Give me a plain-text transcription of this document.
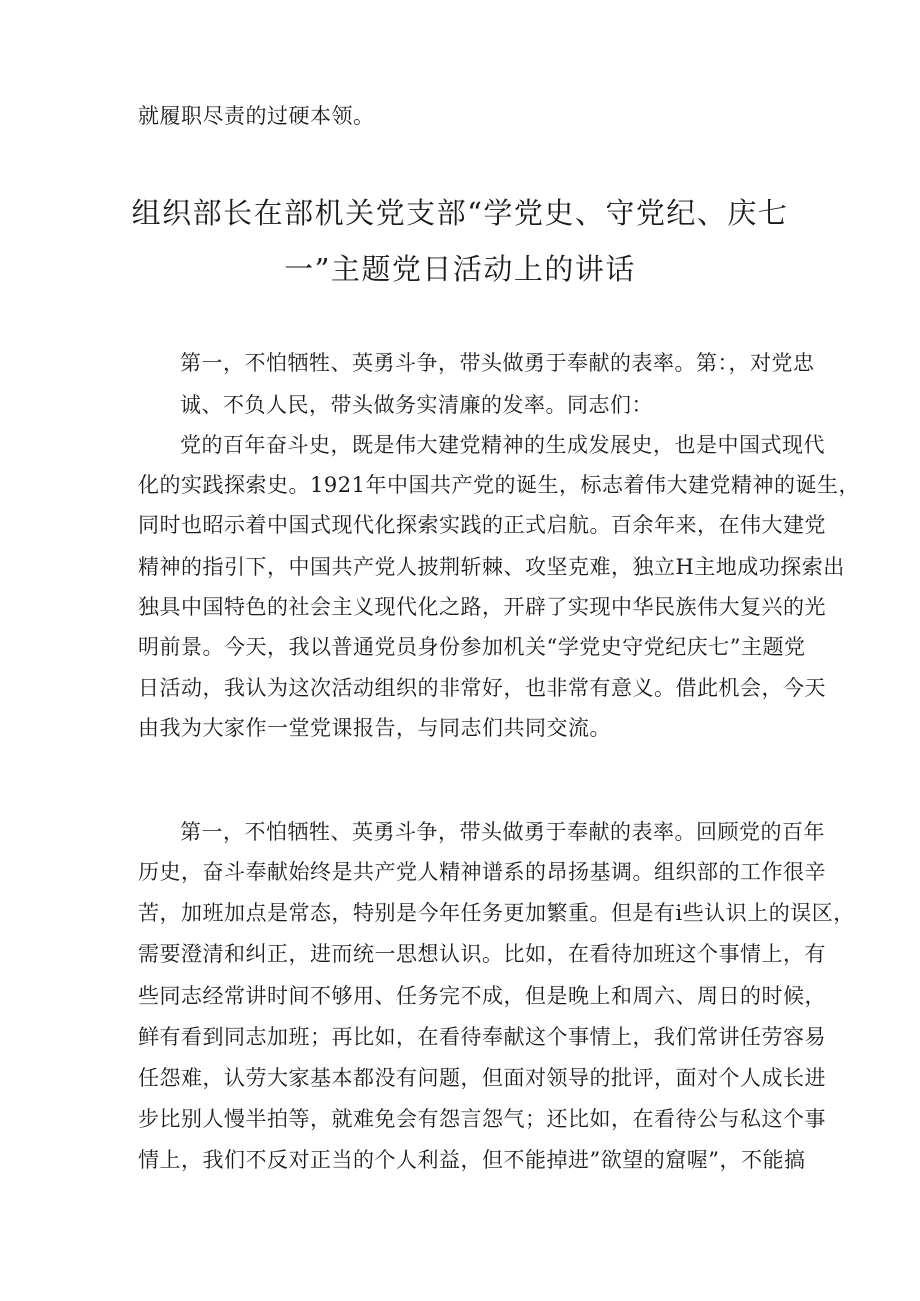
就履职尽责的过硬本领。
组织部长在部机关党支部“学党史、守党纪、庆七
一”主题党日活动上的讲话
第一，不怕牺牲、英勇斗争，带头做勇于奉献的表率。第：，对党忠
诚、不负人民，带头做务实清廉的发率。同志们：
党的百年奋斗史，既是伟大建党精神的生成发展史，也是中国式现代
化的实践探索史。1921年中国共产党的诞生，标志着伟大建党精神的诞生，
同时也昭示着中国式现代化探索实践的正式启航。百余年来，在伟大建党
精神的指引下，中国共产党人披荆斩棘、攻坚克难，独立H主地成功探索出
独具中国特色的社会主义现代化之路，开辟了实现中华民族伟大复兴的光
明前景。今天，我以普通党员身份参加机关“学党史守党纪庆七”主题党
日活动，我认为这次活动组织的非常好，也非常有意义。借此机会，今天
由我为大家作一堂党课报告，与同志们共同交流。
第一，不怕牺牲、英勇斗争，带头做勇于奉献的表率。回顾党的百年
历史，奋斗奉献始终是共产党人精神谱系的昂扬基调。组织部的工作很辛
苦，加班加点是常态，特别是今年任务更加繁重。但是有i些认识上的误区，
需要澄清和纠正，进而统一思想认识。比如，在看待加班这个事情上，有
些同志经常讲时间不够用、任务完不成，但是晚上和周六、周日的时候，
鲜有看到同志加班；再比如，在看待奉献这个事情上，我们常讲任劳容易
任怨难，认劳大家基本都没有问题，但面对领导的批评，面对个人成长进
步比别人慢半拍等，就难免会有怨言怨气；还比如，在看待公与私这个事
情上，我们不反对正当的个人利益，但不能掉进”欲望的窟喔”，不能搞
